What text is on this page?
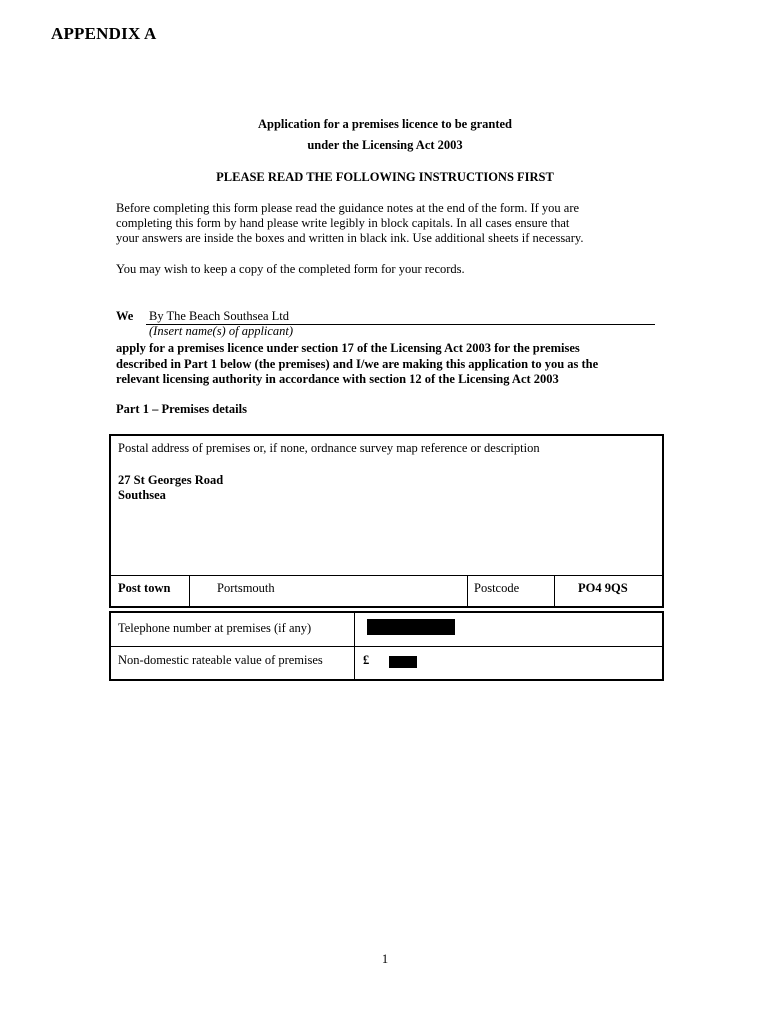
APPENDIX A
Application for a premises licence to be granted
under the Licensing Act 2003
PLEASE READ THE FOLLOWING INSTRUCTIONS FIRST
Before completing this form please read the guidance notes at the end of the form. If you are
completing this form by hand please write legibly in block capitals. In all cases ensure that
your answers are inside the boxes and written in black ink. Use additional sheets if necessary.
You may wish to keep a copy of the completed form for your records.
We By The Beach Southsea Ltd
(Insert name(s) of applicant)
apply for a premises licence under section 17 of the Licensing Act 2003 for the premises
described in Part 1 below (the premises) and I/we are making this application to you as the
relevant licensing authority in accordance with section 12 of the Licensing Act 2003
Part 1 – Premises details
Postal address of premises or, if none, ordnance survey map reference or description
27 St Georges Road
Southsea
Post town	Portsmouth	Postcode	PO4 9QS
Telephone number at premises (if any)
Non-domestic rateable value of premises	£
1
